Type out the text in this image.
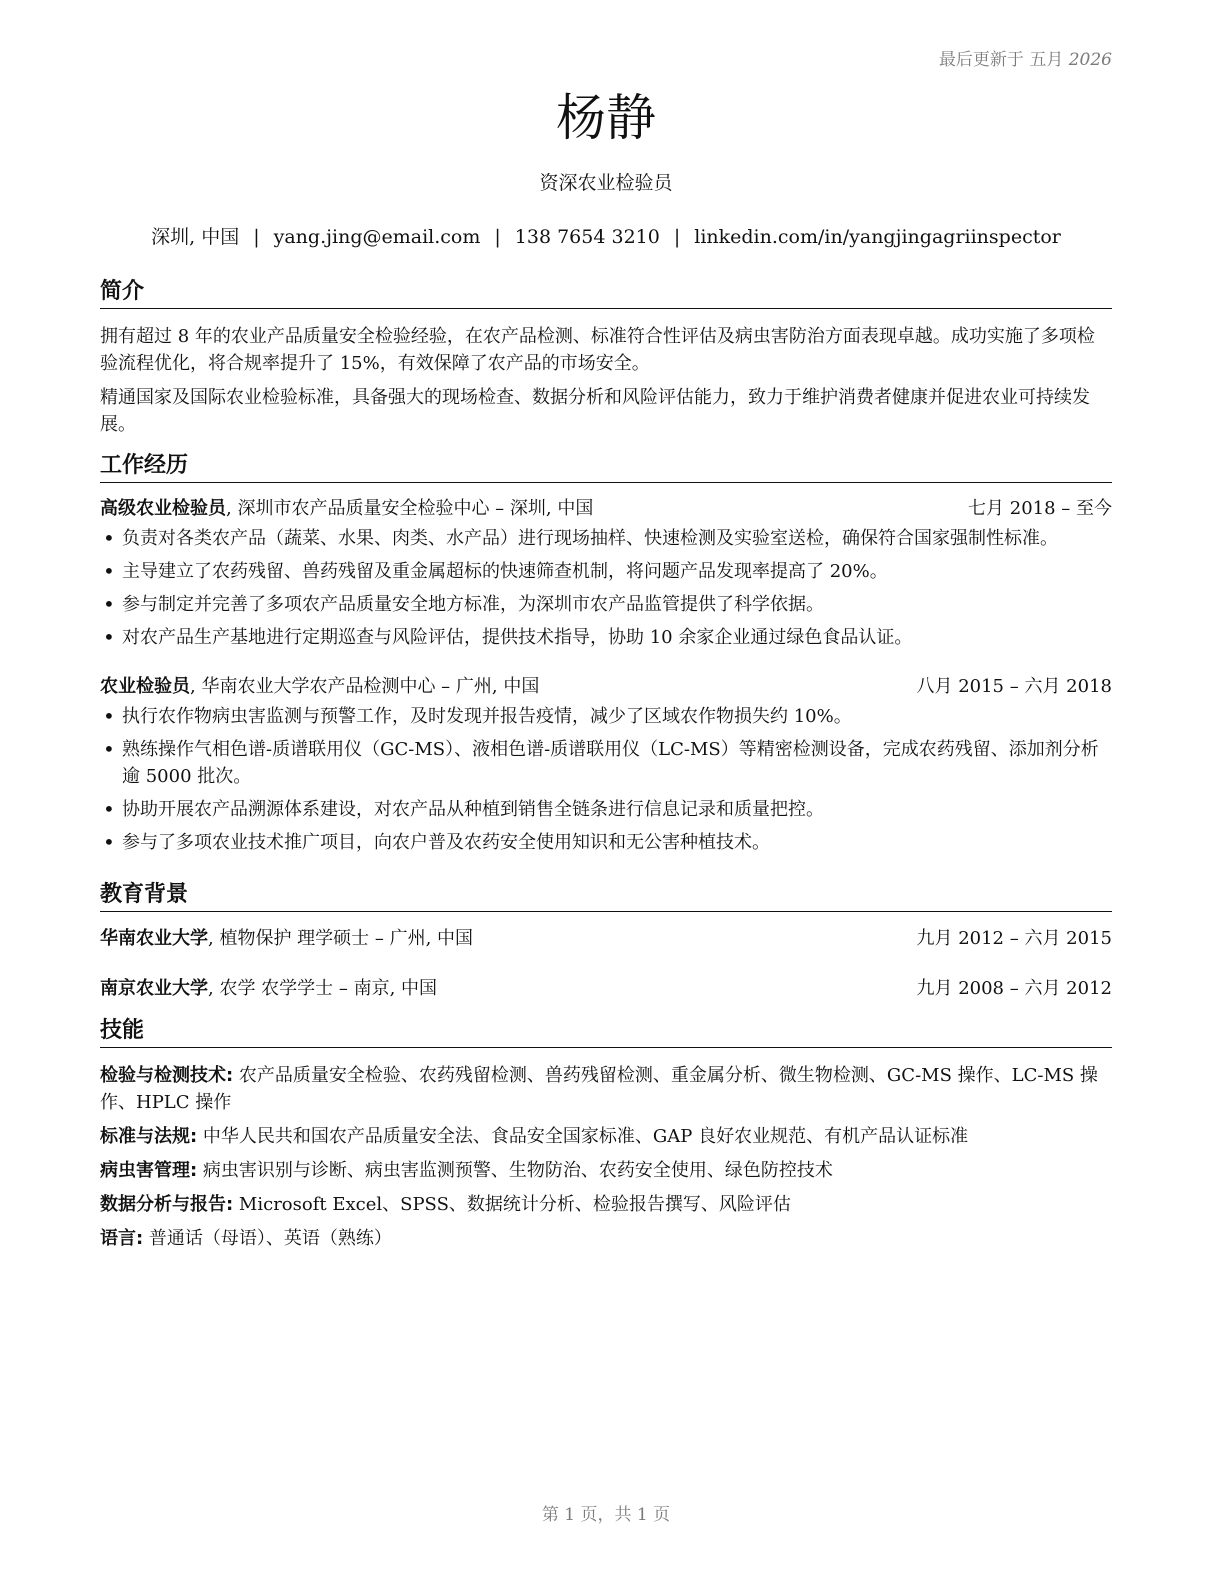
最后更新于 五月 2026
杨静
资深农业检验员
深圳, 中国 | yang.jing@email.com | 138 7654 3210 | linkedin.com/in/yangjingagriinspector
简介

拥有超过 8 年的农业产品质量安全检验经验，在农产品检测、标准符合性评估及病虫害防治方面表现卓越。成功实施了多项检验流程优化，将合规率提升了 15%，有效保障了农产品的市场安全。

精通国家及国际农业检验标准，具备强大的现场检查、数据分析和风险评估能力，致力于维护消费者健康并促进农业可持续发展。

工作经历
高级农业检验员, 深圳市农产品质量安全检验中心 – 深圳, 中国	七月 2018 – 至今
• 负责对各类农产品（蔬菜、水果、肉类、水产品）进行现场抽样、快速检测及实验室送检，确保符合国家强制性标准。
• 主导建立了农药残留、兽药残留及重金属超标的快速筛查机制，将问题产品发现率提高了 20%。
• 参与制定并完善了多项农产品质量安全地方标准，为深圳市农产品监管提供了科学依据。
• 对农产品生产基地进行定期巡查与风险评估，提供技术指导，协助 10 余家企业通过绿色食品认证。
农业检验员, 华南农业大学农产品检测中心 – 广州, 中国	八月 2015 – 六月 2018
• 执行农作物病虫害监测与预警工作，及时发现并报告疫情，减少了区域农作物损失约 10%。
• 熟练操作气相色谱-质谱联用仪（GC-MS）、液相色谱-质谱联用仪（LC-MS）等精密检测设备，完成农药残留、添加剂分析逾 5000 批次。
• 协助开展农产品溯源体系建设，对农产品从种植到销售全链条进行信息记录和质量把控。
• 参与了多项农业技术推广项目，向农户普及农药安全使用知识和无公害种植技术。
教育背景
华南农业大学, 植物保护 理学硕士 – 广州, 中国	九月 2012 – 六月 2015
南京农业大学, 农学 农学学士 – 南京, 中国	九月 2008 – 六月 2012
技能

检验与检测技术: 农产品质量安全检验、农药残留检测、兽药残留检测、重金属分析、微生物检测、GC-MS 操作、LC-MS 操作、HPLC 操作

标准与法规: 中华人民共和国农产品质量安全法、食品安全国家标准、GAP 良好农业规范、有机产品认证标准

病虫害管理: 病虫害识别与诊断、病虫害监测预警、生物防治、农药安全使用、绿色防控技术

数据分析与报告: Microsoft Excel、SPSS、数据统计分析、检验报告撰写、风险评估

语言: 普通话（母语）、英语（熟练）

第 1 页，共 1 页
